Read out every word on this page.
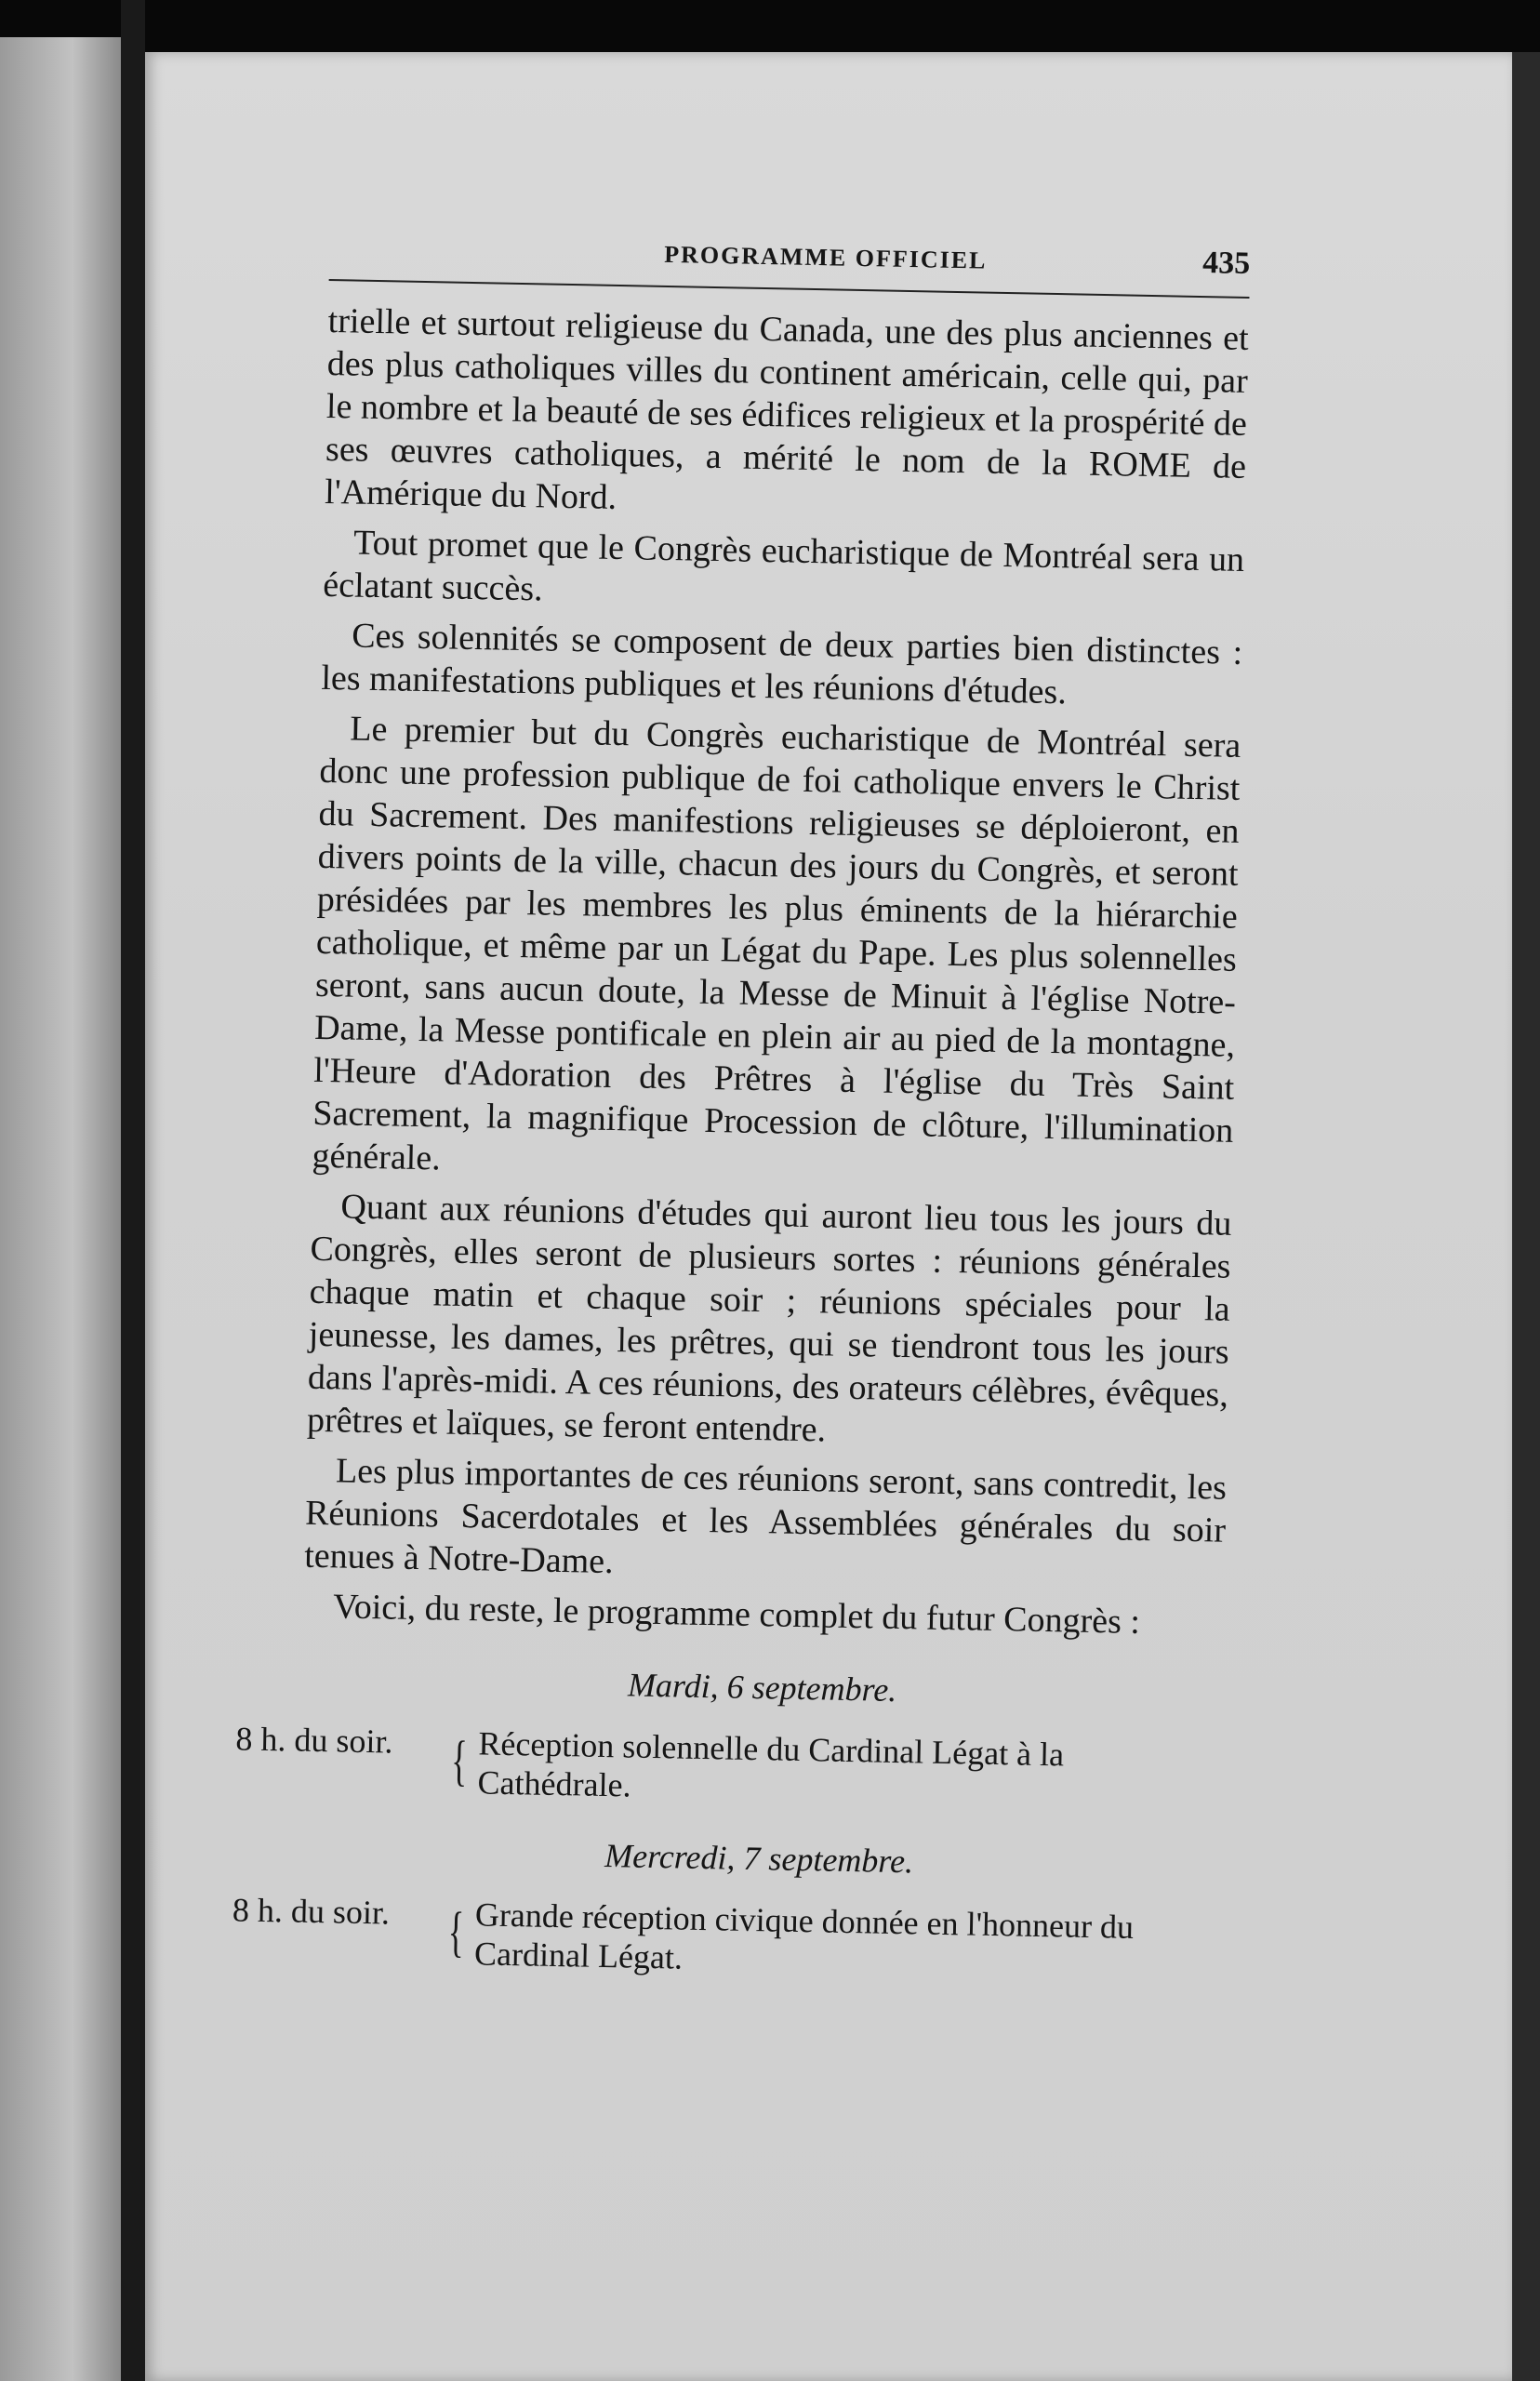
PROGRAMME OFFICIEL	435

trielle et surtout religieuse du Canada, une des plus anciennes et des plus catholiques villes du continent américain, celle qui, par le nombre et la beauté de ses édifices religieux et la prospérité de ses œuvres catholiques, a mérité le nom de la ROME de l'Amérique du Nord.

Tout promet que le Congrès eucharistique de Montréal sera un éclatant succès.

Ces solennités se composent de deux parties bien distinctes : les manifestations publiques et les réunions d'études.

Le premier but du Congrès eucharistique de Montréal sera donc une profession publique de foi catholique envers le Christ du Sacrement. Des manifestions religieuses se déploieront, en divers points de la ville, chacun des jours du Congrès, et seront présidées par les membres les plus éminents de la hiérarchie catholique, et même par un Légat du Pape. Les plus solennelles seront, sans aucun doute, la Messe de Minuit à l'église Notre-Dame, la Messe pontificale en plein air au pied de la montagne, l'Heure d'Adoration des Prêtres à l'église du Très Saint Sacrement, la magnifique Procession de clôture, l'illumination générale.

Quant aux réunions d'études qui auront lieu tous les jours du Congrès, elles seront de plusieurs sortes : réunions générales chaque matin et chaque soir ; réunions spéciales pour la jeunesse, les dames, les prêtres, qui se tiendront tous les jours dans l'après-midi. A ces réunions, des orateurs célèbres, évêques, prêtres et laïques, se feront entendre.

Les plus importantes de ces réunions seront, sans contredit, les Réunions Sacerdotales et les Assemblées générales du soir tenues à Notre-Dame.

Voici, du reste, le programme complet du futur Congrès :

Mardi, 6 septembre.
8 h. du soir.	{ Réception solennelle du Cardinal Légat à la Cathédrale.
Mercredi, 7 septembre.
8 h. du soir.	{ Grande réception civique donnée en l'honneur du Cardinal Légat.
